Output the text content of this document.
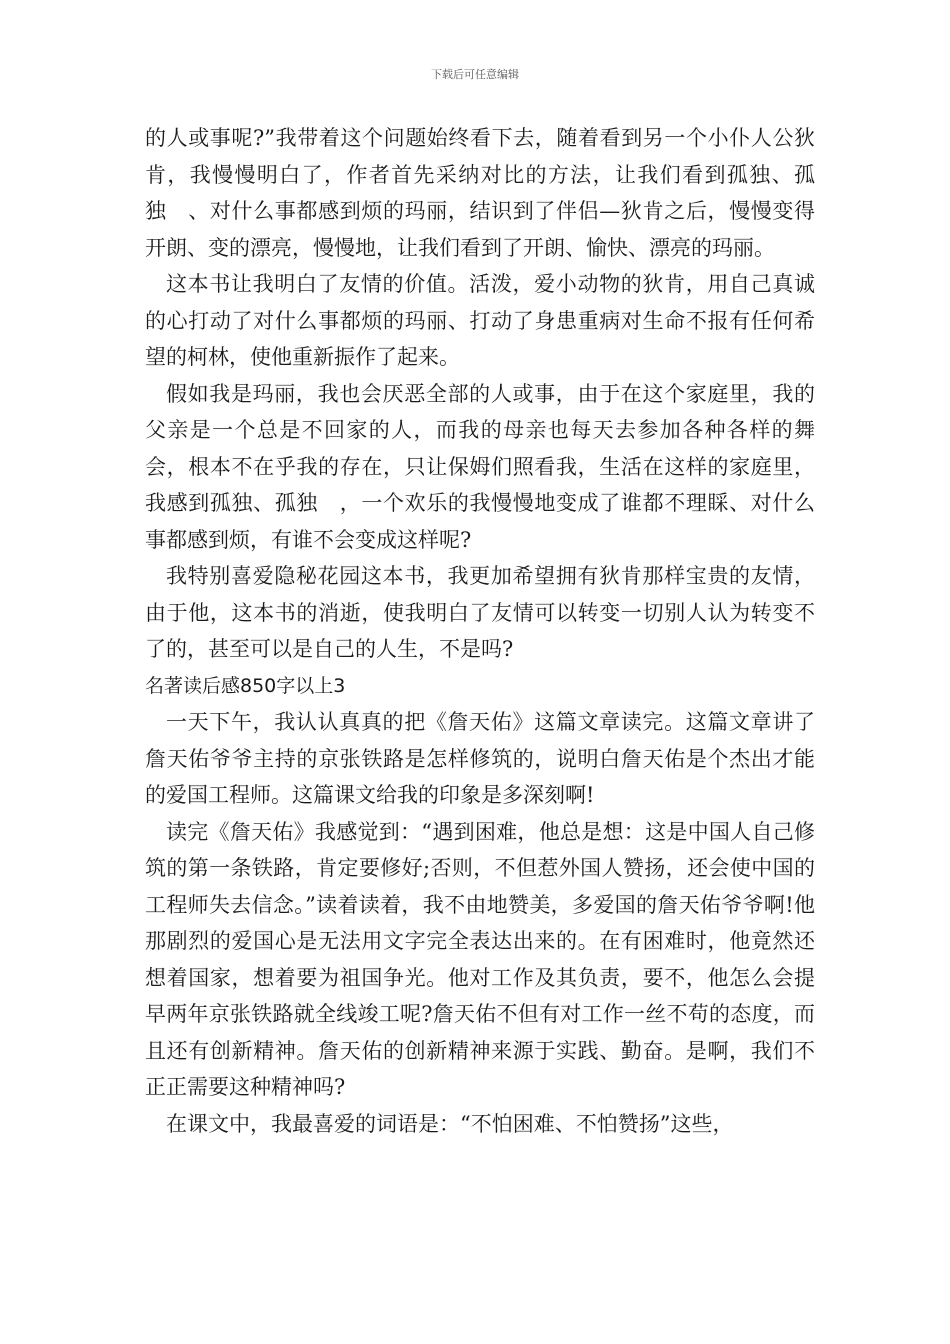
下载后可任意编辑

的人或事呢?”我带着这个问题始终看下去，随着看到另一个小仆人公狄肯，我慢慢明白了，作者首先采纳对比的方法，让我们看到孤独、孤独　、对什么事都感到烦的玛丽，结识到了伴侣—狄肯之后，慢慢变得开朗、变的漂亮，慢慢地，让我们看到了开朗、愉快、漂亮的玛丽。

这本书让我明白了友情的价值。活泼，爱小动物的狄肯，用自己真诚的心打动了对什么事都烦的玛丽、打动了身患重病对生命不报有任何希望的柯林，使他重新振作了起来。

假如我是玛丽，我也会厌恶全部的人或事，由于在这个家庭里，我的父亲是一个总是不回家的人，而我的母亲也每天去参加各种各样的舞会，根本不在乎我的存在，只让保姆们照看我，生活在这样的家庭里，我感到孤独、孤独　，一个欢乐的我慢慢地变成了谁都不理睬、对什么事都感到烦，有谁不会变成这样呢?

我特别喜爱隐秘花园这本书，我更加希望拥有狄肯那样宝贵的友情，由于他，这本书的消逝，使我明白了友情可以转变一切别人认为转变不了的，甚至可以是自己的人生，不是吗?

名著读后感850字以上3

一天下午，我认认真真的把《詹天佑》这篇文章读完。这篇文章讲了詹天佑爷爷主持的京张铁路是怎样修筑的，说明白詹天佑是个杰出才能的爱国工程师。这篇课文给我的印象是多深刻啊!

读完《詹天佑》我感觉到：“遇到困难，他总是想：这是中国人自己修筑的第一条铁路，肯定要修好;否则，不但惹外国人赞扬，还会使中国的工程师失去信念。”读着读着，我不由地赞美，多爱国的詹天佑爷爷啊!他那剧烈的爱国心是无法用文字完全表达出来的。在有困难时，他竟然还想着国家，想着要为祖国争光。他对工作及其负责，要不，他怎么会提早两年京张铁路就全线竣工呢?詹天佑不但有对工作一丝不苟的态度，而且还有创新精神。詹天佑的创新精神来源于实践、勤奋。是啊，我们不正正需要这种精神吗?

在课文中，我最喜爱的词语是：“不怕困难、不怕赞扬”这些，
